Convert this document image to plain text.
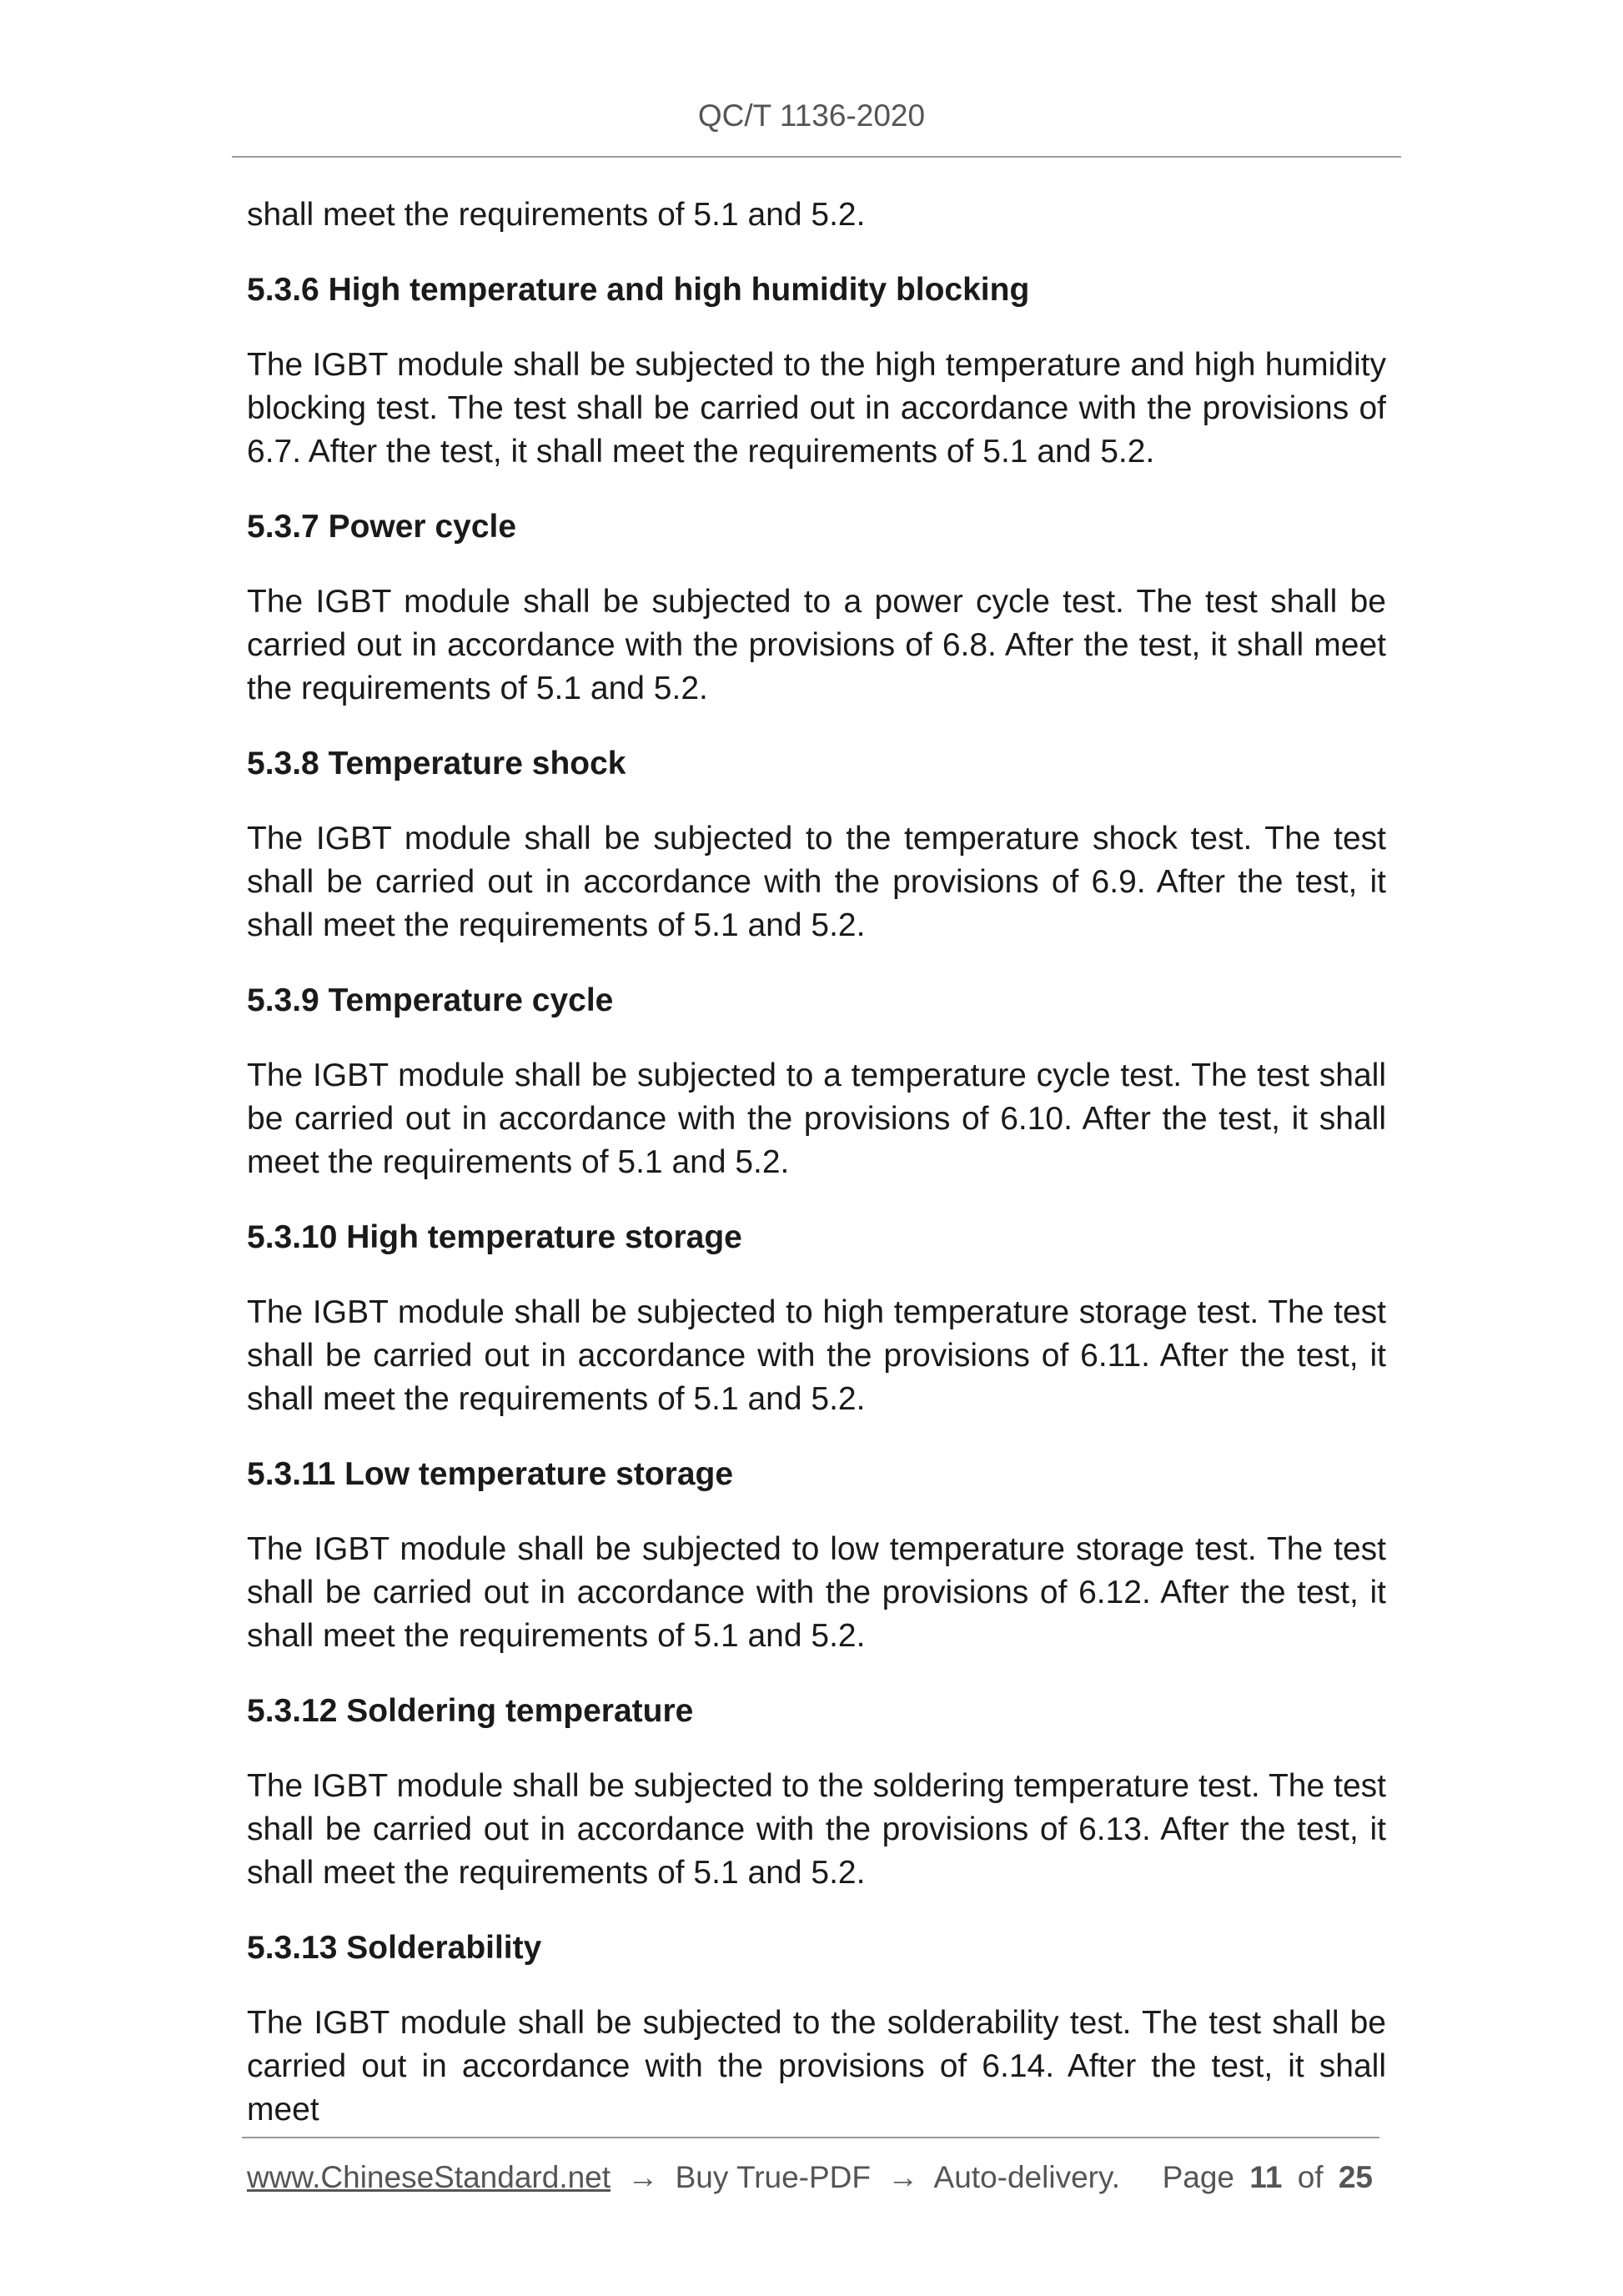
QC/T 1136-2020

shall meet the requirements of 5.1 and 5.2.

5.3.6 High temperature and high humidity blocking

The IGBT module shall be subjected to the high temperature and high humidity blocking test. The test shall be carried out in accordance with the provisions of 6.7. After the test, it shall meet the requirements of 5.1 and 5.2.

5.3.7 Power cycle

The IGBT module shall be subjected to a power cycle test. The test shall be carried out in accordance with the provisions of 6.8. After the test, it shall meet the requirements of 5.1 and 5.2.

5.3.8 Temperature shock

The IGBT module shall be subjected to the temperature shock test. The test shall be carried out in accordance with the provisions of 6.9. After the test, it shall meet the requirements of 5.1 and 5.2.

5.3.9 Temperature cycle

The IGBT module shall be subjected to a temperature cycle test. The test shall be carried out in accordance with the provisions of 6.10. After the test, it shall meet the requirements of 5.1 and 5.2.

5.3.10 High temperature storage

The IGBT module shall be subjected to high temperature storage test. The test shall be carried out in accordance with the provisions of 6.11. After the test, it shall meet the requirements of 5.1 and 5.2.

5.3.11 Low temperature storage

The IGBT module shall be subjected to low temperature storage test. The test shall be carried out in accordance with the provisions of 6.12. After the test, it shall meet the requirements of 5.1 and 5.2.

5.3.12 Soldering temperature

The IGBT module shall be subjected to the soldering temperature test. The test shall be carried out in accordance with the provisions of 6.13. After the test, it shall meet the requirements of 5.1 and 5.2.

5.3.13 Solderability

The IGBT module shall be subjected to the solderability test. The test shall be carried out in accordance with the provisions of 6.14. After the test, it shall meet

www.ChineseStandard.net → Buy True-PDF → Auto-delivery. Page 11 of 25
